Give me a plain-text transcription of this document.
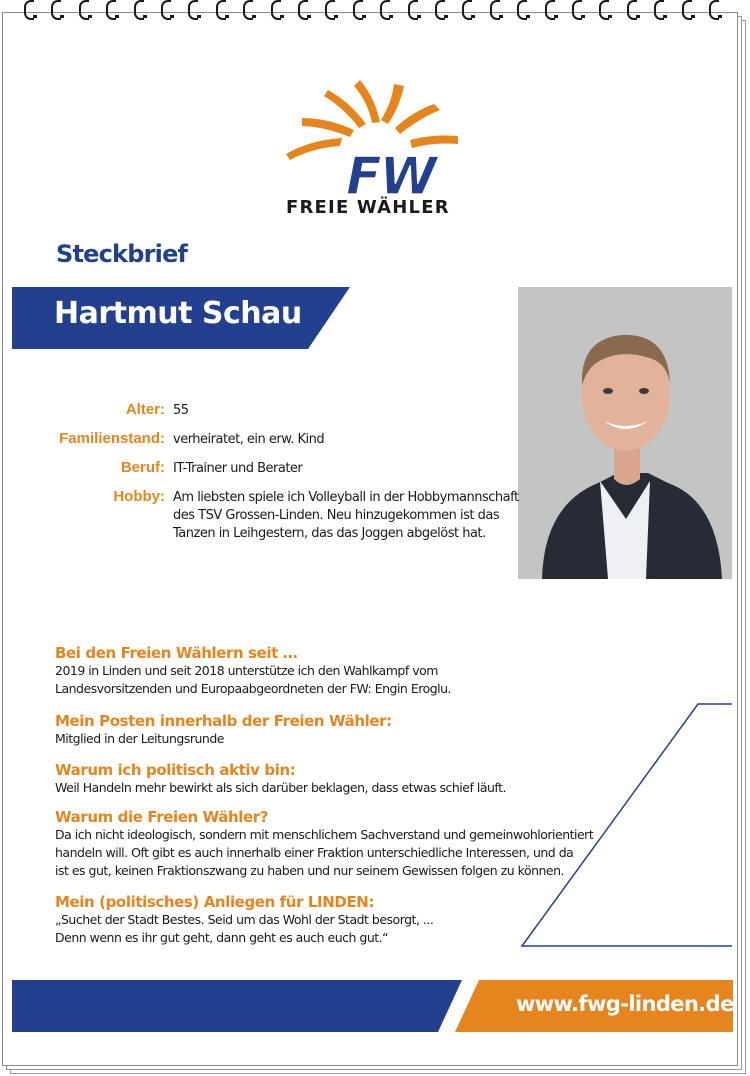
FW
FREIE WÄHLER
Steckbrief
Hartmut Schau
Alter: 55
Familienstand: verheiratet, ein erw. Kind
Beruf: IT-Trainer und Berater
Hobby: Am liebsten spiele ich Volleyball in der Hobbymannschaft
des TSV Grossen-Linden. Neu hinzugekommen ist das
Tanzen in Leihgestern, das das Joggen abgelöst hat.
Bei den Freien Wählern seit …
2019 in Linden und seit 2018 unterstütze ich den Wahlkampf vom
Landesvorsitzenden und Europaabgeordneten der FW: Engin Eroglu.
Mein Posten innerhalb der Freien Wähler:
Mitglied in der Leitungsrunde
Warum ich politisch aktiv bin:
Weil Handeln mehr bewirkt als sich darüber beklagen, dass etwas schief läuft.
Warum die Freien Wähler?
Da ich nicht ideologisch, sondern mit menschlichem Sachverstand und gemeinwohlorientiert
handeln will. Oft gibt es auch innerhalb einer Fraktion unterschiedliche Interessen, und da
ist es gut, keinen Fraktionszwang zu haben und nur seinem Gewissen folgen zu können.
Mein (politisches) Anliegen für LINDEN:
„Suchet der Stadt Bestes. Seid um das Wohl der Stadt besorgt, ...
Denn wenn es ihr gut geht, dann geht es auch euch gut.“
www.fwg-linden.de
